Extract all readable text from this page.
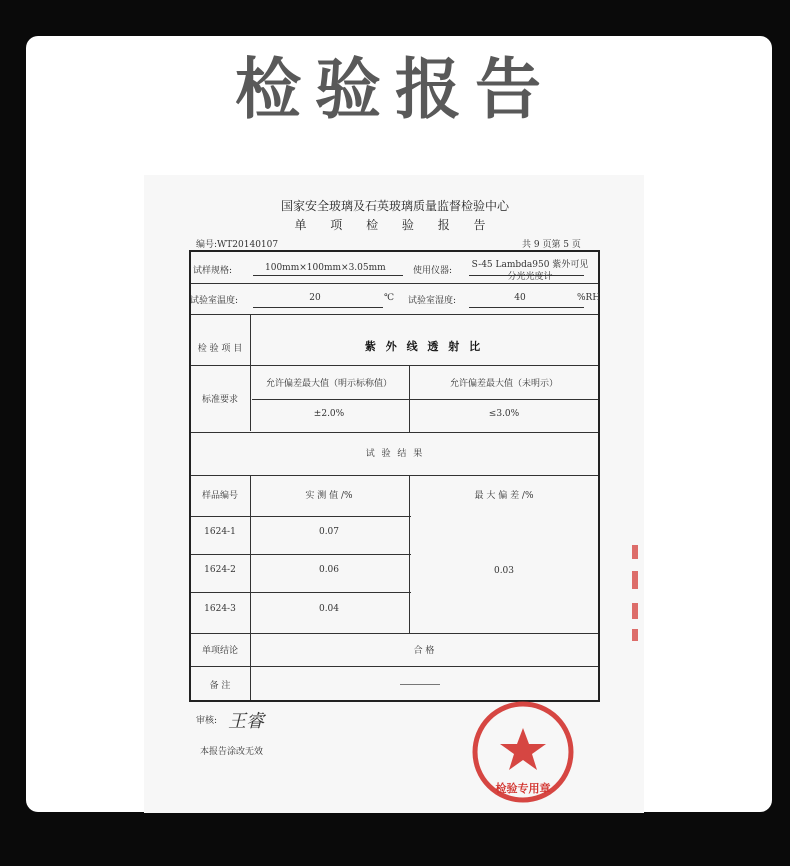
检验报告
国家安全玻璃及石英玻璃质量监督检验中心
单 项 检 验 报 告
编号:WT20140107	共 9 页第 5 页
试样规格:	100mm×100mm×3.05mm	使用仪器:
S-45 Lambda950 紫外可见
分光光度计
试验室温度:	20	℃ 试验室湿度:	40	%RH
检 验 项 目	紫 外 线 透 射 比
标准要求
允许偏差最大值（明示标称值）	允许偏差最大值（未明示）
±2.0%	≤3.0%
试 验 结 果
样品编号	实 测 值 /%	最 大 偏 差 /%
1624-1	0.07
1624-2	0.06
1624-3	0.04
0.03
单项结论	合 格
备 注
审核: 王睿
本报告涂改无效
检验专用章
